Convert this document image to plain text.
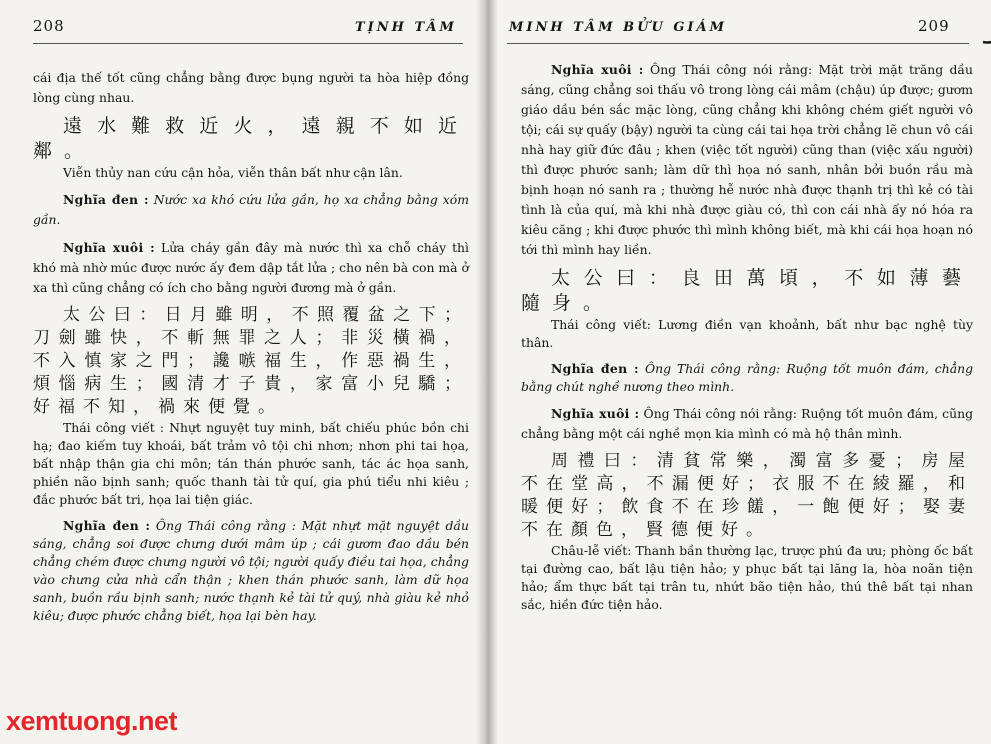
208	TỊNH TÂM

cái địa thế tốt cũng chẳng bằng được bụng người ta hòa hiệp đồng lòng cùng nhau.

遠水難救近火，遠親不如近鄰。

Viễn thủy nan cứu cận hỏa, viễn thân bất như cận lân.

Nghĩa đen : Nước xa khó cứu lửa gần, họ xa chẳng bằng xóm gần.

Nghĩa xuôi : Lửa cháy gần đây mà nước thì xa chỗ cháy thì khó mà nhờ múc được nước ấy đem dập tắt lửa ; cho nên bà con mà ở xa thì cũng chẳng có ích cho bằng người đương mà ở gần.

太公曰：日月雖明，不照覆盆之下；刀劍雖快，不斬無罪之人；非災橫禍，不入慎家之門；讒嗾福生，作惡禍生，煩惱病生；國清才子貴，家富小兒驕；好福不知，禍來便覺。

Thái công viết : Nhựt nguyệt tuy minh, bất chiếu phúc bồn chi hạ; đao kiếm tuy khoái, bất trảm vô tội chi nhơn; nhơn phi tai họa, bất nhập thận gia chi môn; tán thán phước sanh, tác ác họa sanh, phiền não bịnh sanh; quốc thanh tài tử quí, gia phú tiểu nhi kiêu ; đắc phước bất tri, họa lai tiện giác.

Nghĩa đen : Ông Thái công rằng : Mặt nhựt mặt nguyệt dầu sáng, chẳng soi được chưng dưới mâm úp ; cái gươm đao dầu bén chẳng chém được chưng người vô tội; người quấy điều tai họa, chẳng vào chưng cửa nhà cẩn thận ; khen thán phước sanh, làm dữ họa sanh, buồn rầu bịnh sanh; nước thạnh kẻ tài tử quý, nhà giàu kẻ nhỏ kiêu; được phước chẳng biết, họa lại bèn hay.

MINH TÂM BỬU GIÁM	209

Nghĩa xuôi : Ông Thái công nói rằng: Mặt trời mặt trăng dầu sáng, cũng chẳng soi thấu vô trong lòng cái mâm (chậu) úp được; gươm giáo dầu bén sắc mặc lòng, cũng chẳng khi không chém giết người vô tội; cái sự quấy (bậy) người ta cùng cái tai họa trời chẳng lẽ chun vô cái nhà hay giữ đức đâu ; khen (việc tốt người) cũng than (việc xấu người) thì được phước sanh; làm dữ thì họa nó sanh, nhân bởi buồn rầu mà bịnh hoạn nó sanh ra ; thường hễ nước nhà được thạnh trị thì kẻ có tài tình là của quí, mà khi nhà được giàu có, thì con cái nhà ấy nó hóa ra kiêu căng ; khi được phước thì mình không biết, mà khi cái họa hoạn nó tới thì mình hay liền.

太公曰：良田萬頃，不如薄藝隨身。

Thái công viết: Lương điền vạn khoảnh, bất như bạc nghệ tùy thân.

Nghĩa đen : Ông Thái công rằng: Ruộng tốt muôn đám, chẳng bằng chút nghề nương theo mình.

Nghĩa xuôi : Ông Thái công nói rằng: Ruộng tốt muôn đám, cũng chẳng bằng một cái nghề mọn kia mình có mà hộ thân mình.

周禮曰：清貧常樂，濁富多憂；房屋不在堂高，不漏便好；衣服不在綾羅，和暖便好；飲食不在珍饈，一飽便好；娶妻不在顏色，賢德便好。

Châu-lễ viết: Thanh bần thường lạc, trược phú đa ưu; phòng ốc bất tại đường cao, bất lậu tiện hảo; y phục bất tại lăng la, hòa noãn tiện hảo; ẩm thực bất tại trân tu, nhứt bão tiện hảo, thú thê bất tại nhan sắc, hiền đức tiện hảo.

xemtuong.net
